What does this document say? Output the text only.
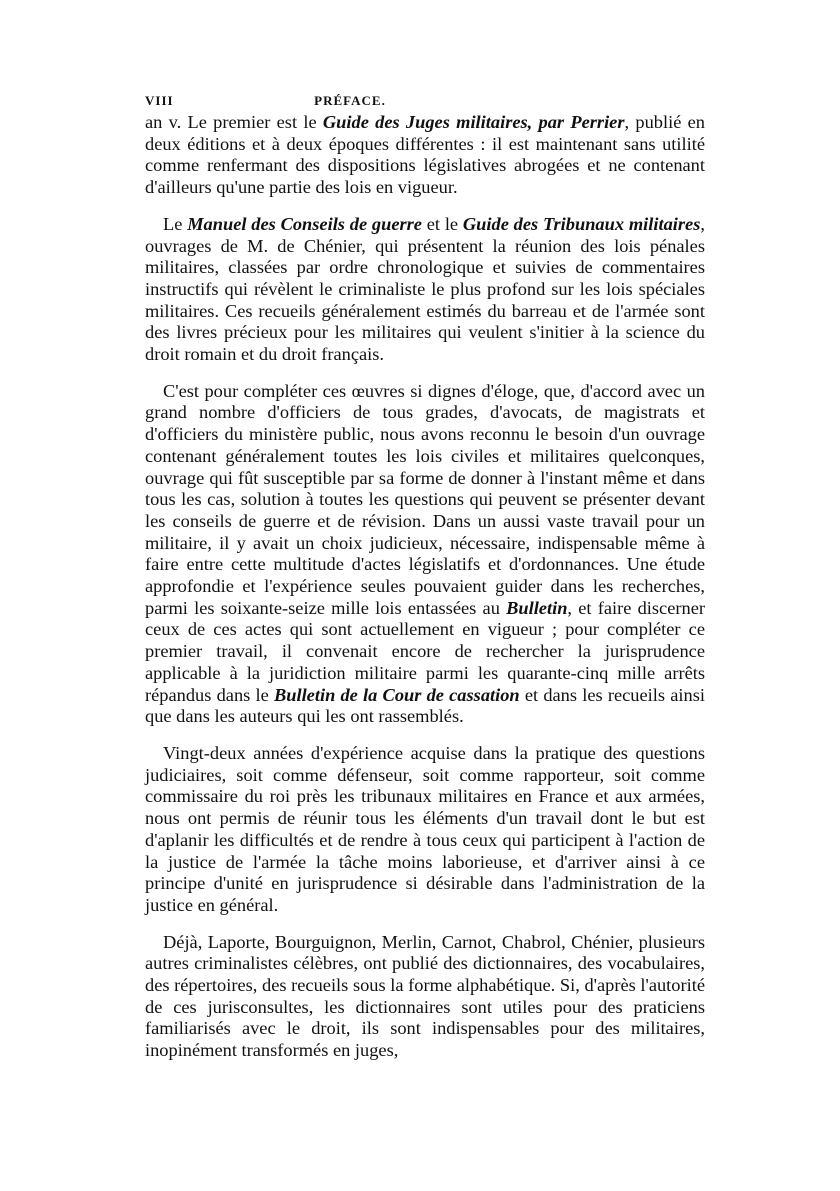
VIII	PRÉFACE.

an v. Le premier est le Guide des Juges militaires, par Perrier, publié en deux éditions et à deux époques différentes : il est maintenant sans utilité comme renfermant des dispositions législatives abrogées et ne contenant d'ailleurs qu'une partie des lois en vigueur.

Le Manuel des Conseils de guerre et le Guide des Tribunaux militaires, ouvrages de M. de Chénier, qui présentent la réunion des lois pénales militaires, classées par ordre chronologique et suivies de commentaires instructifs qui révèlent le criminaliste le plus profond sur les lois spéciales militaires. Ces recueils généralement estimés du barreau et de l'armée sont des livres précieux pour les militaires qui veulent s'initier à la science du droit romain et du droit français.

C'est pour compléter ces œuvres si dignes d'éloge, que, d'accord avec un grand nombre d'officiers de tous grades, d'avocats, de magistrats et d'officiers du ministère public, nous avons reconnu le besoin d'un ouvrage contenant généralement toutes les lois civiles et militaires quelconques, ouvrage qui fût susceptible par sa forme de donner à l'instant même et dans tous les cas, solution à toutes les questions qui peuvent se présenter devant les conseils de guerre et de révision. Dans un aussi vaste travail pour un militaire, il y avait un choix judicieux, nécessaire, indispensable même à faire entre cette multitude d'actes législatifs et d'ordonnances. Une étude approfondie et l'expérience seules pouvaient guider dans les recherches, parmi les soixante-seize mille lois entassées au Bulletin, et faire discerner ceux de ces actes qui sont actuellement en vigueur ; pour compléter ce premier travail, il convenait encore de rechercher la jurisprudence applicable à la juridiction militaire parmi les quarante-cinq mille arrêts répandus dans le Bulletin de la Cour de cassation et dans les recueils ainsi que dans les auteurs qui les ont rassemblés.

Vingt-deux années d'expérience acquise dans la pratique des questions judiciaires, soit comme défenseur, soit comme rapporteur, soit comme commissaire du roi près les tribunaux militaires en France et aux armées, nous ont permis de réunir tous les éléments d'un travail dont le but est d'aplanir les difficultés et de rendre à tous ceux qui participent à l'action de la justice de l'armée la tâche moins laborieuse, et d'arriver ainsi à ce principe d'unité en jurisprudence si désirable dans l'administration de la justice en général.

Déjà, Laporte, Bourguignon, Merlin, Carnot, Chabrol, Chénier, plusieurs autres criminalistes célèbres, ont publié des dictionnaires, des vocabulaires, des répertoires, des recueils sous la forme alphabétique. Si, d'après l'autorité de ces jurisconsultes, les dictionnaires sont utiles pour des praticiens familiarisés avec le droit, ils sont indispensables pour des militaires, inopinément transformés en juges,
